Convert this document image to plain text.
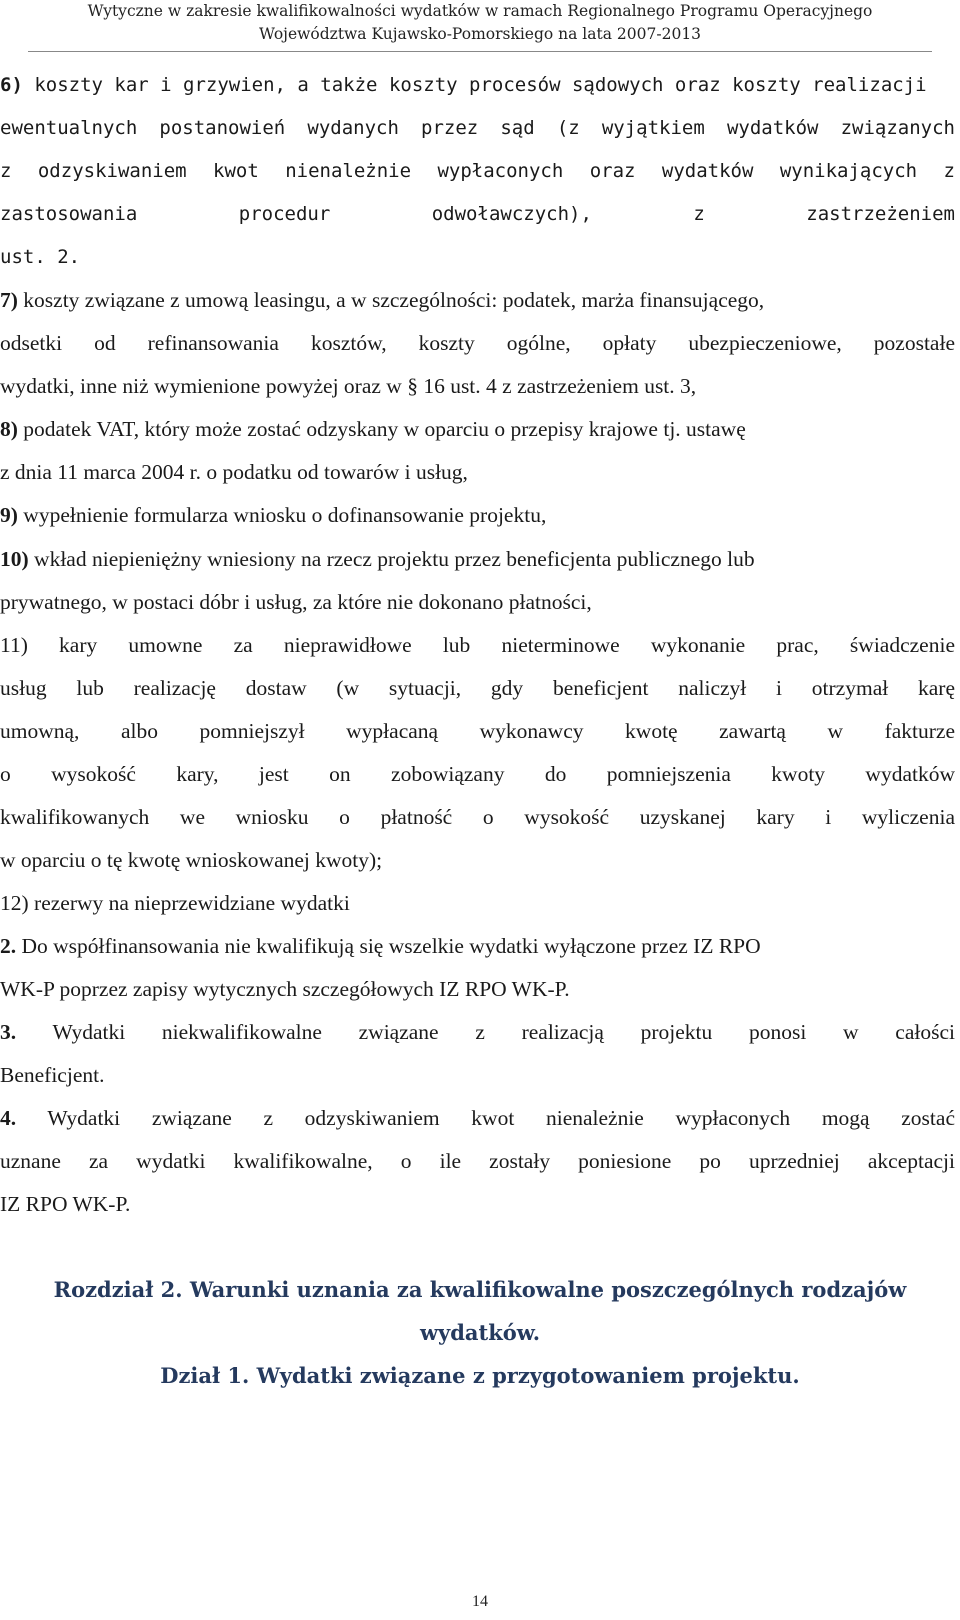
Wytyczne w zakresie kwalifikowalności wydatków w ramach Regionalnego Programu Operacyjnego
Województwa Kujawsko-Pomorskiego na lata 2007-2013
6) koszty kar i grzywien, a także koszty procesów sądowych oraz koszty realizacji
ewentualnych postanowień wydanych przez sąd (z wyjątkiem wydatków związanych
z odzyskiwaniem kwot nienależnie wypłaconych oraz wydatków wynikających z
zastosowania procedur odwoławczych), z zastrzeżeniem
ust. 2.
7) koszty związane z umową leasingu, a w szczególności: podatek, marża finansującego,
odsetki od refinansowania kosztów, koszty ogólne, opłaty ubezpieczeniowe, pozostałe
wydatki, inne niż wymienione powyżej oraz w § 16 ust. 4 z zastrzeżeniem ust. 3,
8) podatek VAT, który może zostać odzyskany w oparciu o przepisy krajowe tj. ustawę
z dnia 11 marca 2004 r. o podatku od towarów i usług,
9) wypełnienie formularza wniosku o dofinansowanie projektu,
10) wkład niepieniężny wniesiony na rzecz projektu przez beneficjenta publicznego lub
prywatnego, w postaci dóbr i usług, za które nie dokonano płatności,
11) kary umowne za nieprawidłowe lub nieterminowe wykonanie prac, świadczenie
usług lub realizację dostaw (w sytuacji, gdy beneficjent naliczył i otrzymał karę
umowną, albo pomniejszył wypłacaną wykonawcy kwotę zawartą w fakturze
o wysokość kary, jest on zobowiązany do pomniejszenia kwoty wydatków
kwalifikowanych we wniosku o płatność o wysokość uzyskanej kary i wyliczenia
w oparciu o tę kwotę wnioskowanej kwoty);
12) rezerwy na nieprzewidziane wydatki
2. Do współfinansowania nie kwalifikują się wszelkie wydatki wyłączone przez IZ RPO
WK-P poprzez zapisy wytycznych szczegółowych IZ RPO WK-P.
3. Wydatki niekwalifikowalne związane z realizacją projektu ponosi w całości
Beneficjent.
4. Wydatki związane z odzyskiwaniem kwot nienależnie wypłaconych mogą zostać
uznane za wydatki kwalifikowalne, o ile zostały poniesione po uprzedniej akceptacji
IZ RPO WK-P.
Rozdział 2. Warunki uznania za kwalifikowalne poszczególnych rodzajów
wydatków.
Dział 1. Wydatki związane z przygotowaniem projektu.
14
